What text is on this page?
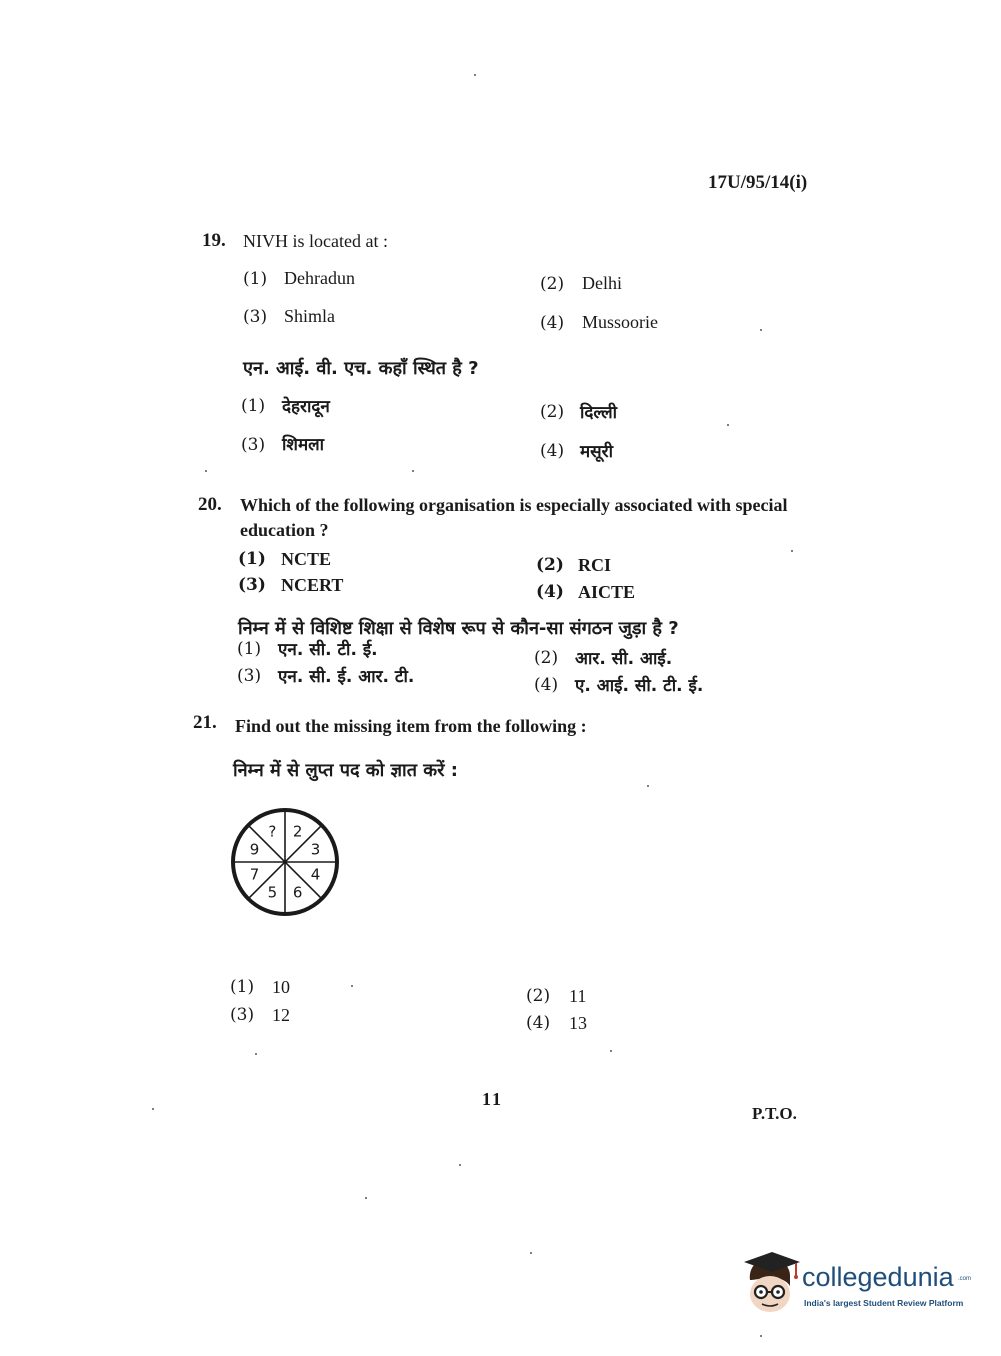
17U/95/14(i)
19. NIVH is located at :
(1) Dehradun	(2) Delhi
(3) Shimla	(4) Mussoorie
एन. आई. वी. एच. कहाँ स्थित है ?
(1) देहरादून	(2) दिल्ली
(3) शिमला	(4) मसूरी
20. Which of the following organisation is especially associated with special
education ?
(1) NCTE	(2) RCI
(3) NCERT	(4) AICTE
निम्न में से विशिष्ट शिक्षा से विशेष रूप से कौन-सा संगठन जुड़ा है ?
(1) एन. सी. टी. ई.	(2) आर. सी. आई.
(3) एन. सी. ई. आर. टी.	(4) ए. आई. सी. टी. ई.
21. Find out the missing item from the following :
निम्न में से लुप्त पद को ज्ञात करें :
? 2
3
4
6
5
7
9
(1) 10	(2) 11
(3) 12	(4) 13
11
P.T.O.
collegedunia .com
India's largest Student Review Platform
